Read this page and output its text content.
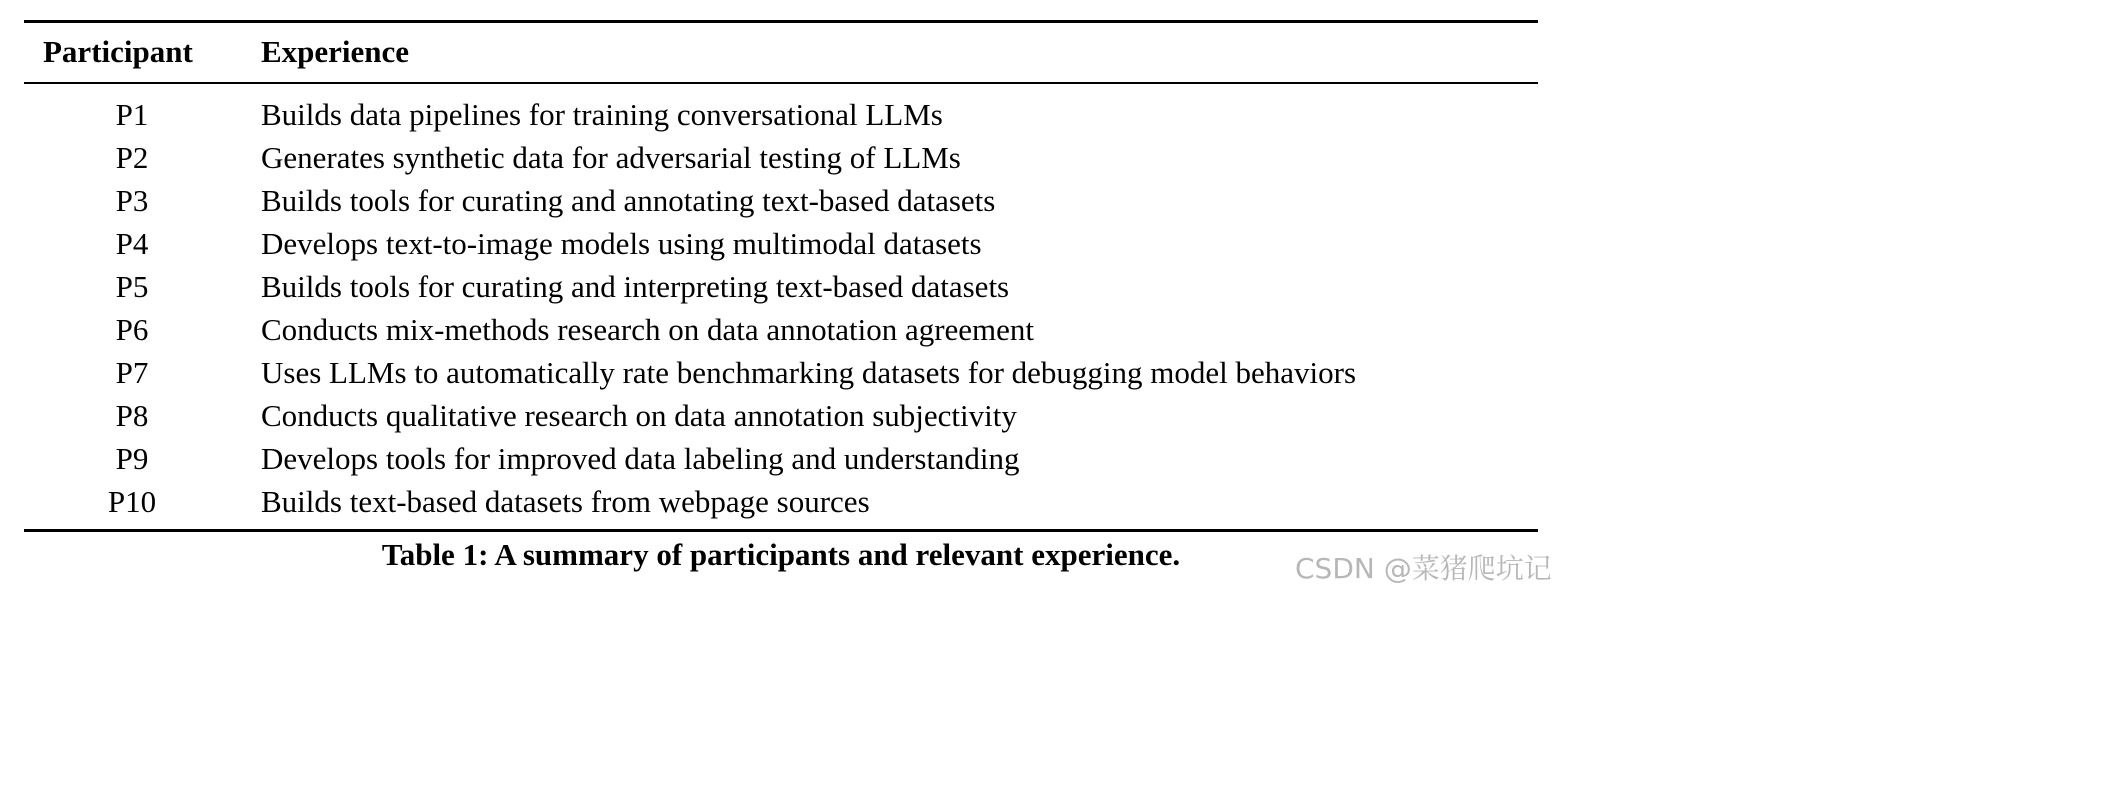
Participant Experience
P1	Builds data pipelines for training conversational LLMs
P2	Generates synthetic data for adversarial testing of LLMs
P3	Builds tools for curating and annotating text-based datasets
P4	Develops text-to-image models using multimodal datasets
P5	Builds tools for curating and interpreting text-based datasets
P6	Conducts mix-methods research on data annotation agreement
P7	Uses LLMs to automatically rate benchmarking datasets for debugging model behaviors
P8	Conducts qualitative research on data annotation subjectivity
P9	Develops tools for improved data labeling and understanding
P10	Builds text-based datasets from webpage sources
Table 1: A summary of participants and relevant experience.	CSDN @菜猪爬坑记
